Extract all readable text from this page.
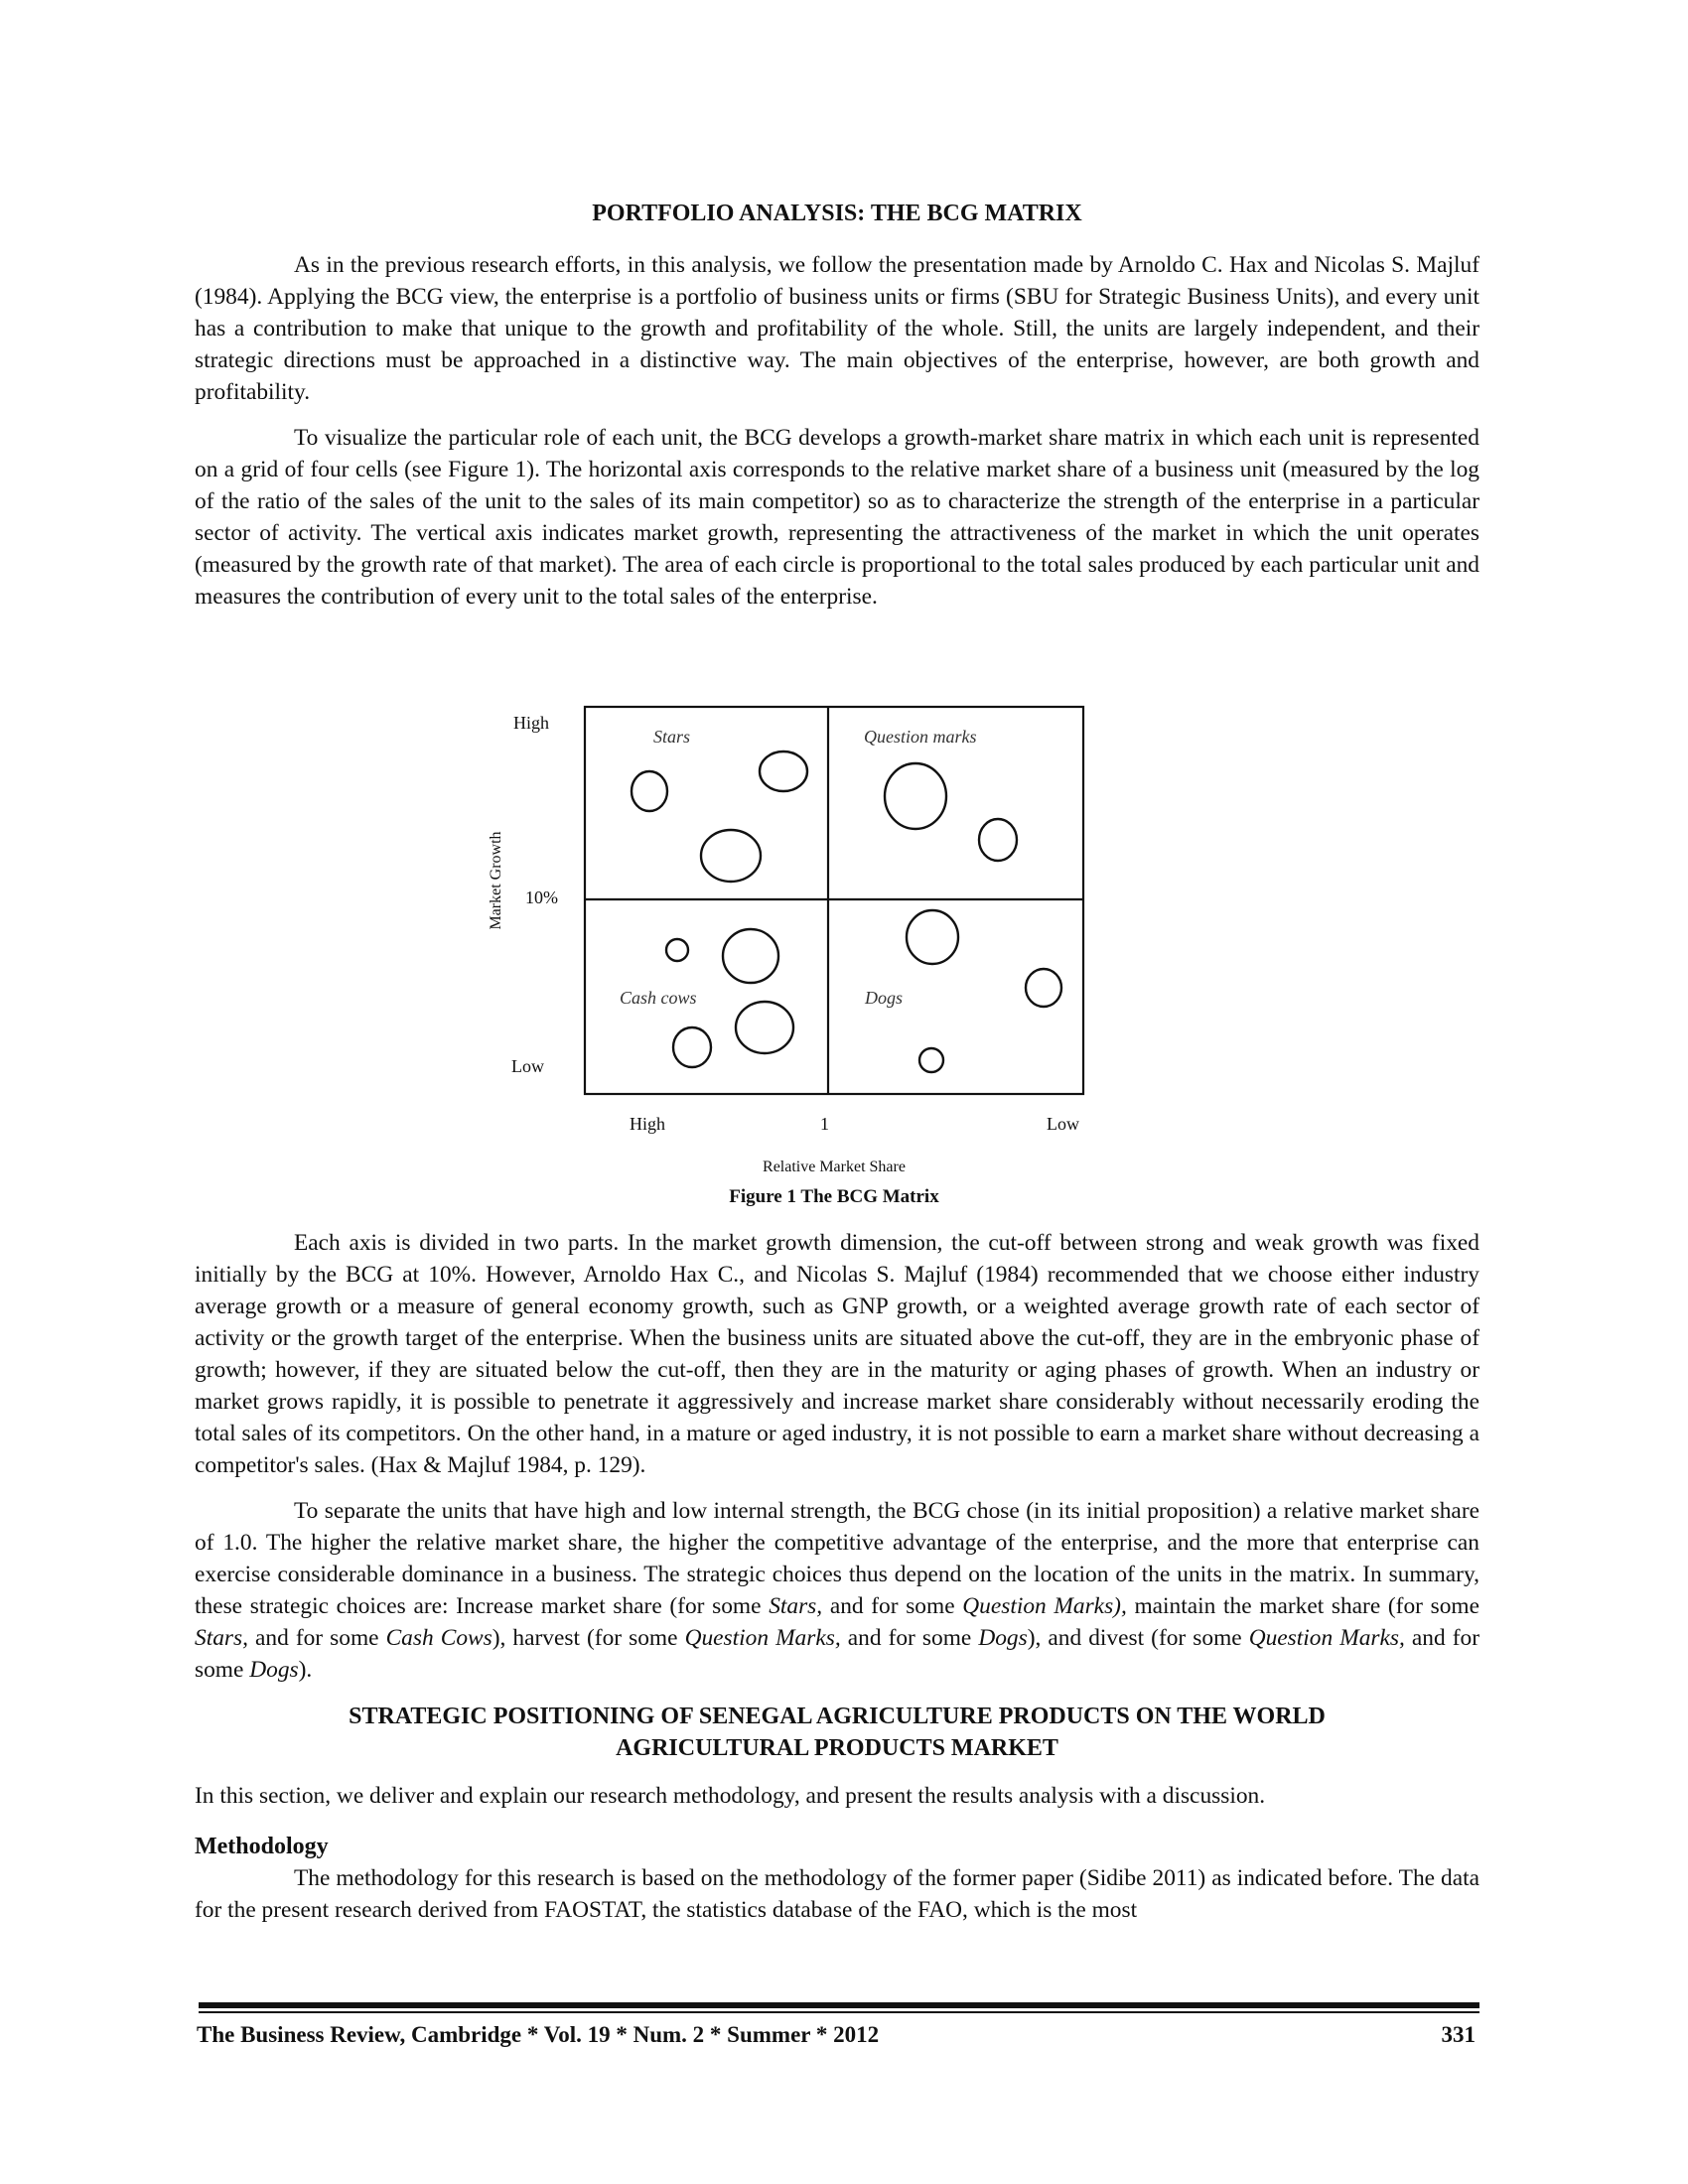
PORTFOLIO ANALYSIS: THE BCG MATRIX

As in the previous research efforts, in this analysis, we follow the presentation made by Arnoldo C. Hax and Nicolas S. Majluf (1984). Applying the BCG view, the enterprise is a portfolio of business units or firms (SBU for Strategic Business Units), and every unit has a contribution to make that unique to the growth and profitability of the whole. Still, the units are largely independent, and their strategic directions must be approached in a distinctive way. The main objectives of the enterprise, however, are both growth and profitability.

To visualize the particular role of each unit, the BCG develops a growth-market share matrix in which each unit is represented on a grid of four cells (see Figure 1). The horizontal axis corresponds to the relative market share of a business unit (measured by the log of the ratio of the sales of the unit to the sales of its main competitor) so as to characterize the strength of the enterprise in a particular sector of activity. The vertical axis indicates market growth, representing the attractiveness of the market in which the unit operates (measured by the growth rate of that market). The area of each circle is proportional to the total sales produced by each particular unit and measures the contribution of every unit to the total sales of the enterprise.

Stars	Question marks
Cash cows	Dogs
High
10%
Low
High	1	Low
Relative Market Share
Market Growth
Figure 1 The BCG Matrix

Each axis is divided in two parts. In the market growth dimension, the cut-off between strong and weak growth was fixed initially by the BCG at 10%. However, Arnoldo Hax C., and Nicolas S. Majluf (1984) recommended that we choose either industry average growth or a measure of general economy growth, such as GNP growth, or a weighted average growth rate of each sector of activity or the growth target of the enterprise. When the business units are situated above the cut-off, they are in the embryonic phase of growth; however, if they are situated below the cut-off, then they are in the maturity or aging phases of growth. When an industry or market grows rapidly, it is possible to penetrate it aggressively and increase market share considerably without necessarily eroding the total sales of its competitors. On the other hand, in a mature or aged industry, it is not possible to earn a market share without decreasing a competitor's sales. (Hax & Majluf 1984, p. 129).

To separate the units that have high and low internal strength, the BCG chose (in its initial proposition) a relative market share of 1.0. The higher the relative market share, the higher the competitive advantage of the enterprise, and the more that enterprise can exercise considerable dominance in a business. The strategic choices thus depend on the location of the units in the matrix. In summary, these strategic choices are: Increase market share (for some Stars, and for some Question Marks), maintain the market share (for some Stars, and for some Cash Cows), harvest (for some Question Marks, and for some Dogs), and divest (for some Question Marks, and for some Dogs).

STRATEGIC POSITIONING OF SENEGAL AGRICULTURE PRODUCTS ON THE WORLD
AGRICULTURAL PRODUCTS MARKET
In this section, we deliver and explain our research methodology, and present the results analysis with a discussion.
Methodology

The methodology for this research is based on the methodology of the former paper (Sidibe 2011) as indicated before. The data for the present research derived from FAOSTAT, the statistics database of the FAO, which is the most

The Business Review, Cambridge * Vol. 19 * Num. 2 * Summer * 2012	331
